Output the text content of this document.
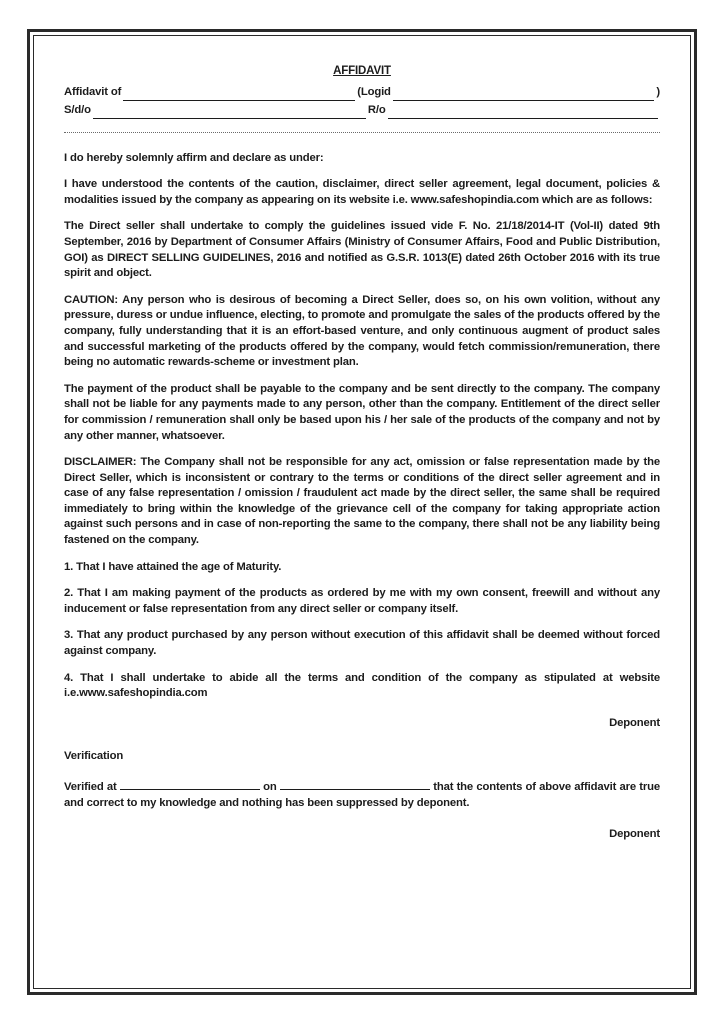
AFFIDAVIT
Affidavit of	(Logid	)
S/d/o	R/o

I do hereby solemnly affirm and declare as under:

I have understood the contents of the caution, disclaimer, direct seller agreement, legal document, policies & modalities issued by the company as appearing on its website i.e. www.safeshopindia.com which are as follows:

The Direct seller shall undertake to comply the guidelines issued vide F. No. 21/18/2014-IT (Vol-II) dated 9th September, 2016 by Department of Consumer Affairs (Ministry of Consumer Affairs, Food and Public Distribution, GOI) as DIRECT SELLING GUIDELINES, 2016 and notified as G.S.R. 1013(E) dated 26th October 2016 with its true spirit and object.

CAUTION: Any person who is desirous of becoming a Direct Seller, does so, on his own volition, without any pressure, duress or undue influence, electing, to promote and promulgate the sales of the products offered by the company, fully understanding that it is an effort-based venture, and only continuous augment of product sales and successful marketing of the products offered by the company, would fetch commission/remuneration, there being no automatic rewards-scheme or investment plan.

The payment of the product shall be payable to the company and be sent directly to the company. The company shall not be liable for any payments made to any person, other than the company. Entitlement of the direct seller for commission / remuneration shall only be based upon his / her sale of the products of the company and not by any other manner, whatsoever.

DISCLAIMER: The Company shall not be responsible for any act, omission or false representation made by the Direct Seller, which is inconsistent or contrary to the terms or conditions of the direct seller agreement and in case of any false representation / omission / fraudulent act made by the direct seller, the same shall be required immediately to bring within the knowledge of the grievance cell of the company for taking appropriate action against such persons and in case of non-reporting the same to the company, there shall not be any liability being fastened on the company.

1. That I have attained the age of Maturity.

2. That I am making payment of the products as ordered by me with my own consent, freewill and without any inducement or false representation from any direct seller or company itself.

3. That any product purchased by any person without execution of this affidavit shall be deemed without forced against company.

4. That I shall undertake to abide all the terms and condition of the company as stipulated at website i.e.www.safeshopindia.com

Deponent
Verification

Verified at	on	that the contents of above affidavit are true and correct to my knowledge and nothing has been suppressed by deponent.

Deponent
